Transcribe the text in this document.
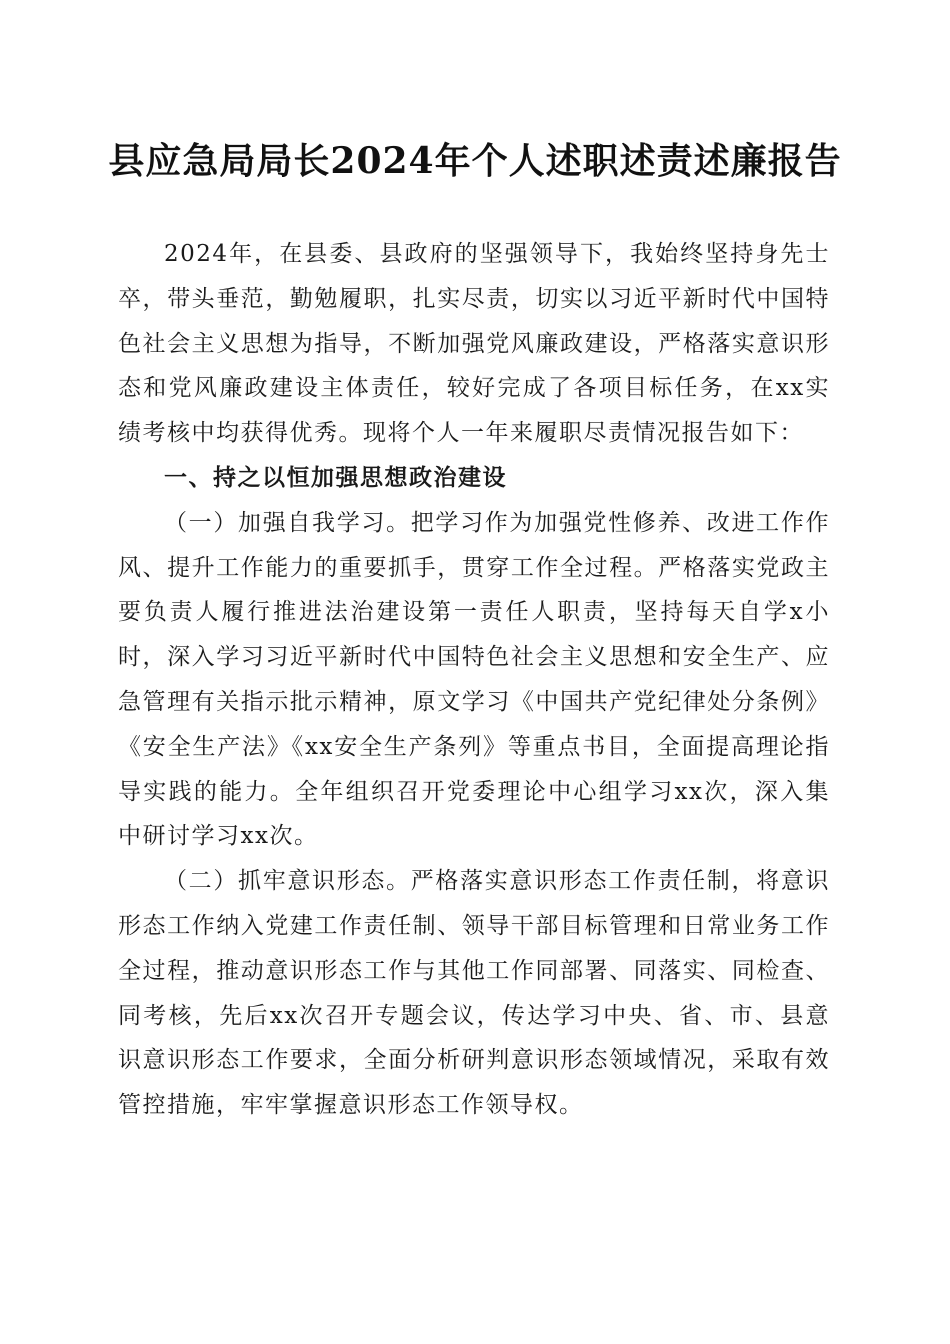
县应急局局长2024年个人述职述责述廉报告

2024年，在县委、县政府的坚强领导下，我始终坚持身先士卒，带头垂范，勤勉履职，扎实尽责，切实以习近平新时代中国特色社会主义思想为指导，不断加强党风廉政建设，严格落实意识形态和党风廉政建设主体责任，较好完成了各项目标任务，在xx实绩考核中均获得优秀。现将个人一年来履职尽责情况报告如下：

一、持之以恒加强思想政治建设

（一）加强自我学习。把学习作为加强党性修养、改进工作作风、提升工作能力的重要抓手，贯穿工作全过程。严格落实党政主要负责人履行推进法治建设第一责任人职责，坚持每天自学x小时，深入学习习近平新时代中国特色社会主义思想和安全生产、应急管理有关指示批示精神，原文学习《中国共产党纪律处分条例》《安全生产法》《xx安全生产条列》等重点书目，全面提高理论指导实践的能力。全年组织召开党委理论中心组学习xx次，深入集中研讨学习xx次。

（二）抓牢意识形态。严格落实意识形态工作责任制，将意识形态工作纳入党建工作责任制、领导干部目标管理和日常业务工作全过程，推动意识形态工作与其他工作同部署、同落实、同检查、同考核，先后xx次召开专题会议，传达学习中央、省、市、县意识意识形态工作要求，全面分析研判意识形态领域情况，采取有效管控措施，牢牢掌握意识形态工作领导权。
